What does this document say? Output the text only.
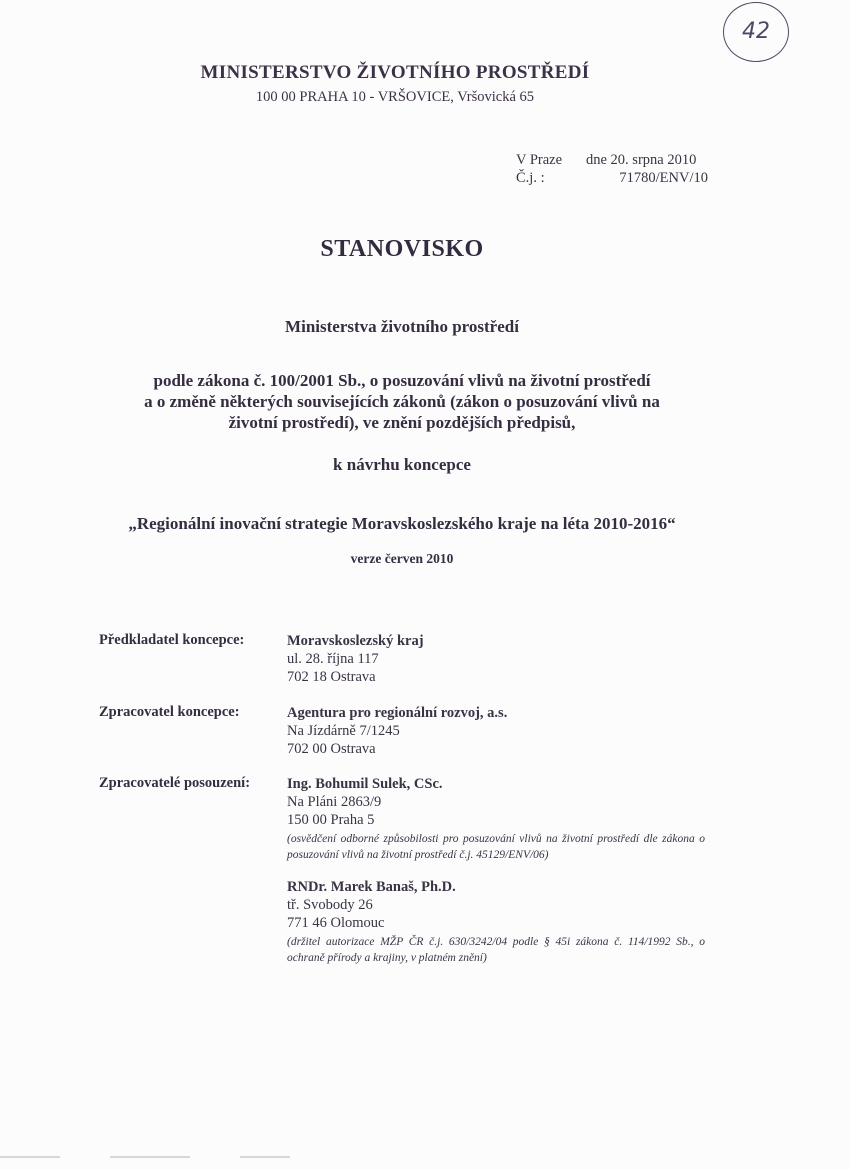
42
MINISTERSTVO ŽIVOTNÍHO PROSTŘEDÍ
100 00 PRAHA 10 - VRŠOVICE, Vršovická 65
V Praze dne 20. srpna 2010
Č.j. :	71780/ENV/10
STANOVISKO
Ministerstva životního prostředí
podle zákona č. 100/2001 Sb., o posuzování vlivů na životní prostředí
a o změně některých souvisejících zákonů (zákon o posuzování vlivů na
životní prostředí), ve znění pozdějších předpisů,
k návrhu koncepce
„Regionální inovační strategie Moravskoslezského kraje na léta 2010-2016“
verze červen 2010
Předkladatel koncepce:	Moravskoslezský kraj
ul. 28. října 117
702 18 Ostrava
Zpracovatel koncepce:	Agentura pro regionální rozvoj, a.s.
Na Jízdárně 7/1245
702 00 Ostrava
Zpracovatelé posouzení:	Ing. Bohumil Sulek, CSc.
Na Pláni 2863/9
150 00 Praha 5
(osvědčení odborné způsobilosti pro posuzování vlivů na životní prostředí dle zákona o posuzování vlivů na životní prostředí č.j. 45129/ENV/06)
RNDr. Marek Banaš, Ph.D.
tř. Svobody 26
771 46 Olomouc
(držitel autorizace MŽP ČR č.j. 630/3242/04 podle § 45i zákona č. 114/1992 Sb., o ochraně přírody a krajiny, v platném znění)
